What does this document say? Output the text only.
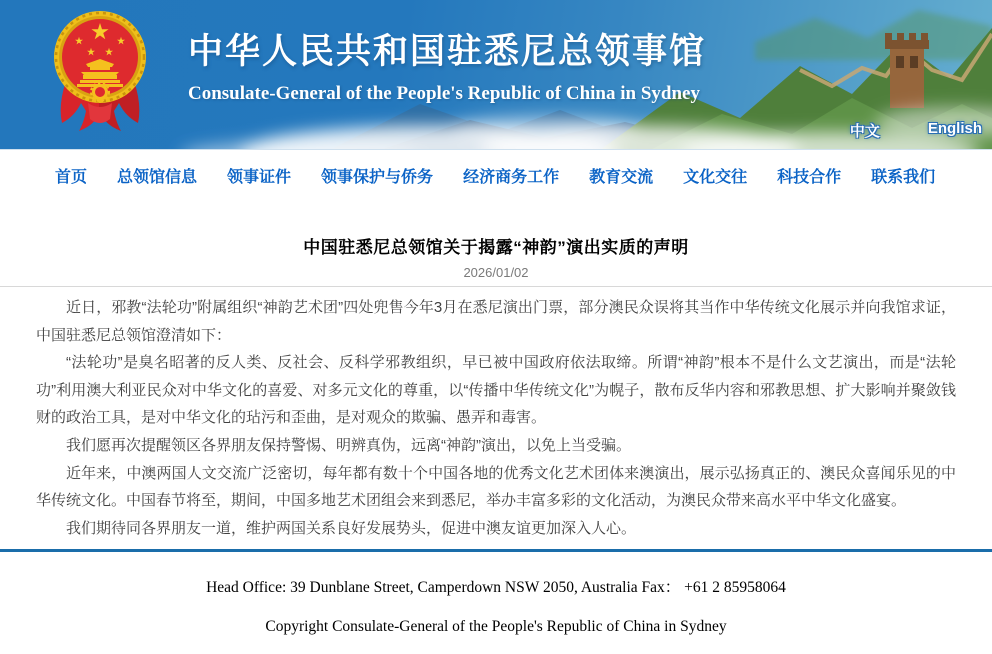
中华人民共和国驻悉尼总领事馆
Consulate-General of the People's Republic of China in Sydney
中文	English
首页 总领馆信息 领事证件 领事保护与侨务 经济商务工作 教育交流 文化交往 科技合作 联系我们
中国驻悉尼总领馆关于揭露“神韵”演出实质的声明
2026/01/02

近日，邪教“法轮功”附属组织“神韵艺术团”四处兜售今年3月在悉尼演出门票，部分澳民众误将其当作中华传统文化展示并向我馆求证，中国驻悉尼总领馆澄清如下：

“法轮功”是臭名昭著的反人类、反社会、反科学邪教组织，早已被中国政府依法取缔。所谓“神韵”根本不是什么文艺演出，而是“法轮功”利用澳大利亚民众对中华文化的喜爱、对多元文化的尊重，以“传播中华传统文化”为幌子，散布反华内容和邪教思想、扩大影响并聚敛钱财的政治工具，是对中华文化的玷污和歪曲，是对观众的欺骗、愚弄和毒害。

我们愿再次提醒领区各界朋友保持警惕、明辨真伪，远离“神韵”演出，以免上当受骗。

近年来，中澳两国人文交流广泛密切，每年都有数十个中国各地的优秀文化艺术团体来澳演出，展示弘扬真正的、澳民众喜闻乐见的中华传统文化。中国春节将至，期间，中国多地艺术团组会来到悉尼，举办丰富多彩的文化活动，为澳民众带来高水平中华文化盛宴。

我们期待同各界朋友一道，维护两国关系良好发展势头，促进中澳友谊更加深入人心。

Head Office: 39 Dunblane Street, Camperdown NSW 2050, Australia Fax： +61 2 85958064

Copyright Consulate-General of the People's Republic of China in Sydney
